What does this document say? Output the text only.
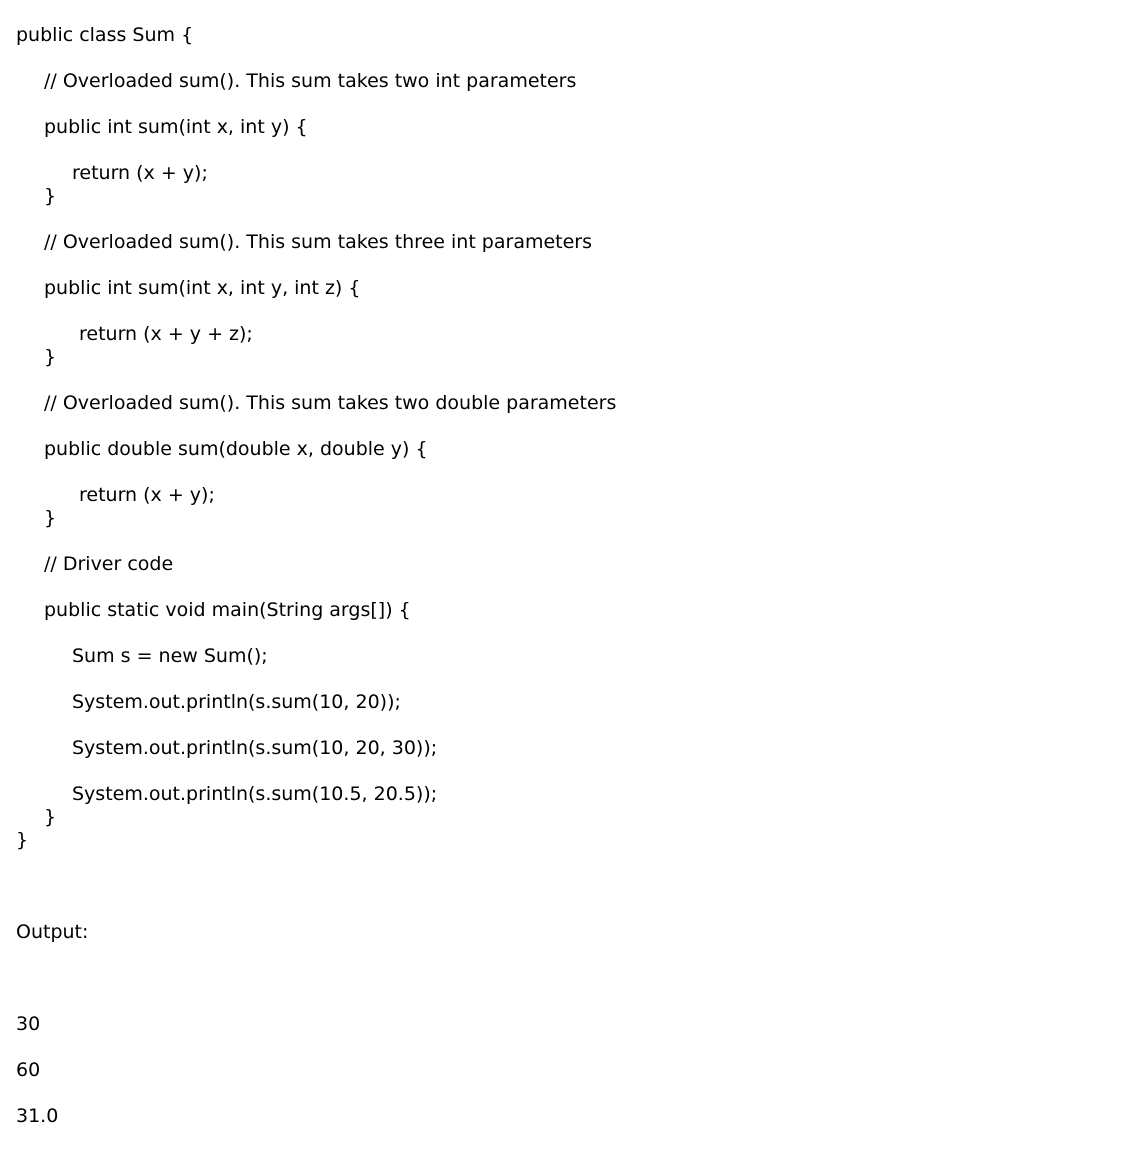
public class Sum {
// Overloaded sum(). This sum takes two int parameters
public int sum(int x, int y) {
return (x + y);
}
// Overloaded sum(). This sum takes three int parameters
public int sum(int x, int y, int z) {
return (x + y + z);
}
// Overloaded sum(). This sum takes two double parameters
public double sum(double x, double y) {
return (x + y);
}
// Driver code
public static void main(String args[]) {
Sum s = new Sum();
System.out.println(s.sum(10, 20));
System.out.println(s.sum(10, 20, 30));
System.out.println(s.sum(10.5, 20.5));
}
}
Output:
30
60
31.0
